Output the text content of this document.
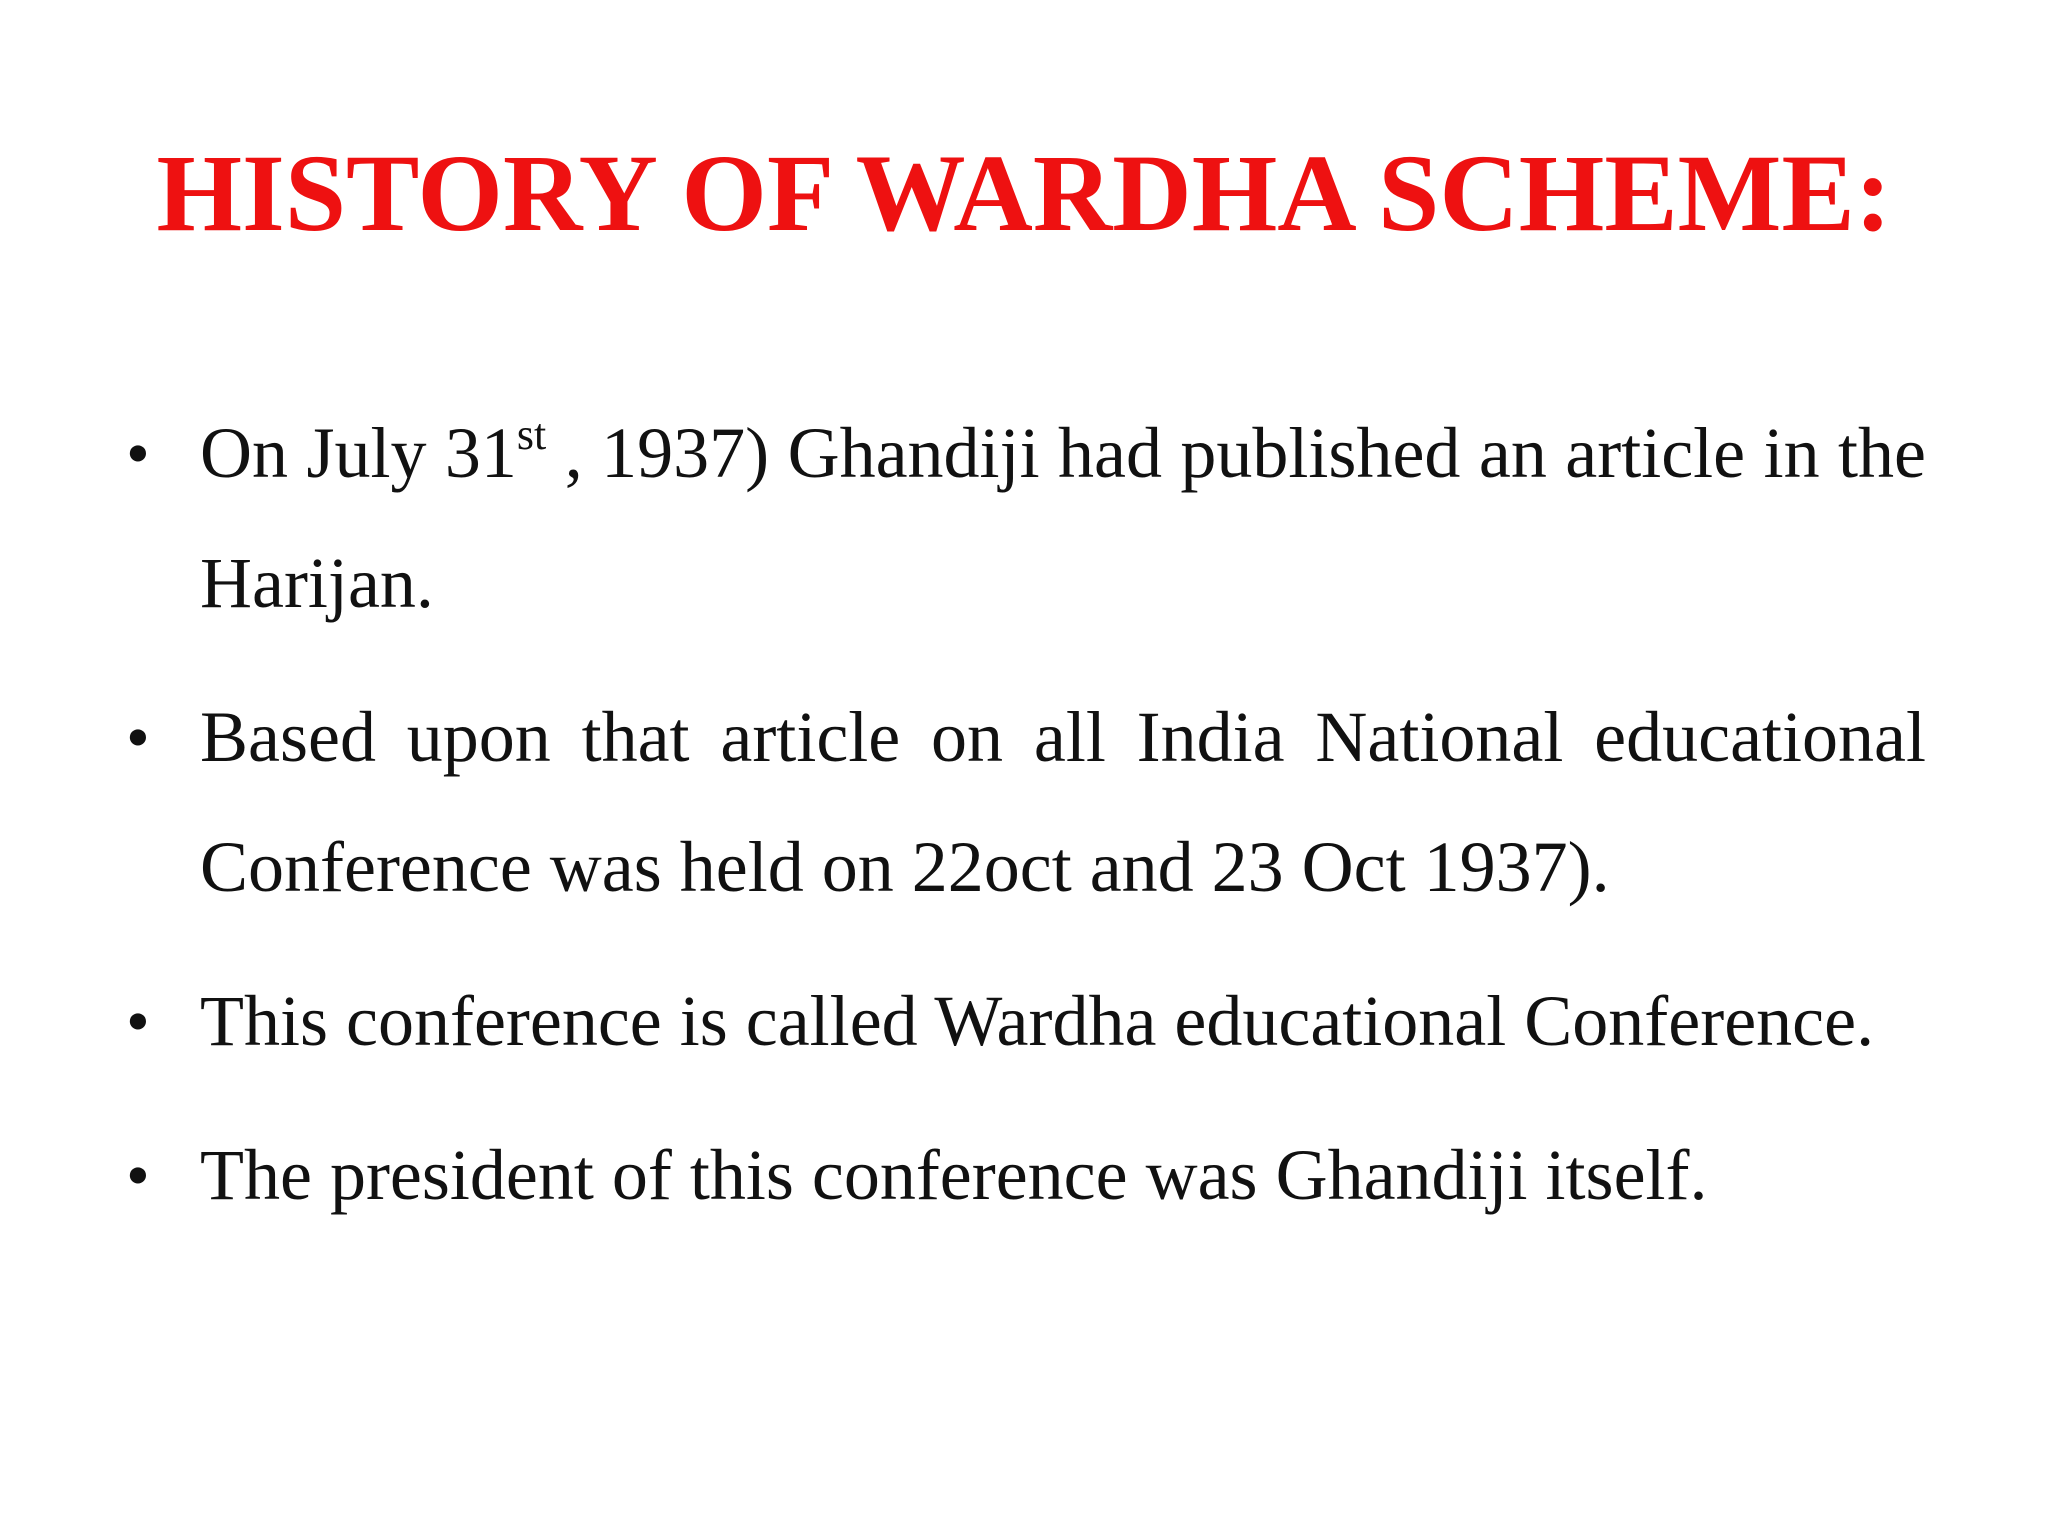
HISTORY OF WARDHA SCHEME:
• On July 31st , 1937) Ghandiji had published an article in the Harijan.
• Based upon that article on all India National educational Conference was held on 22oct and 23 Oct 1937).
• This conference is called Wardha educational Conference.
• The president of this conference was Ghandiji itself.
